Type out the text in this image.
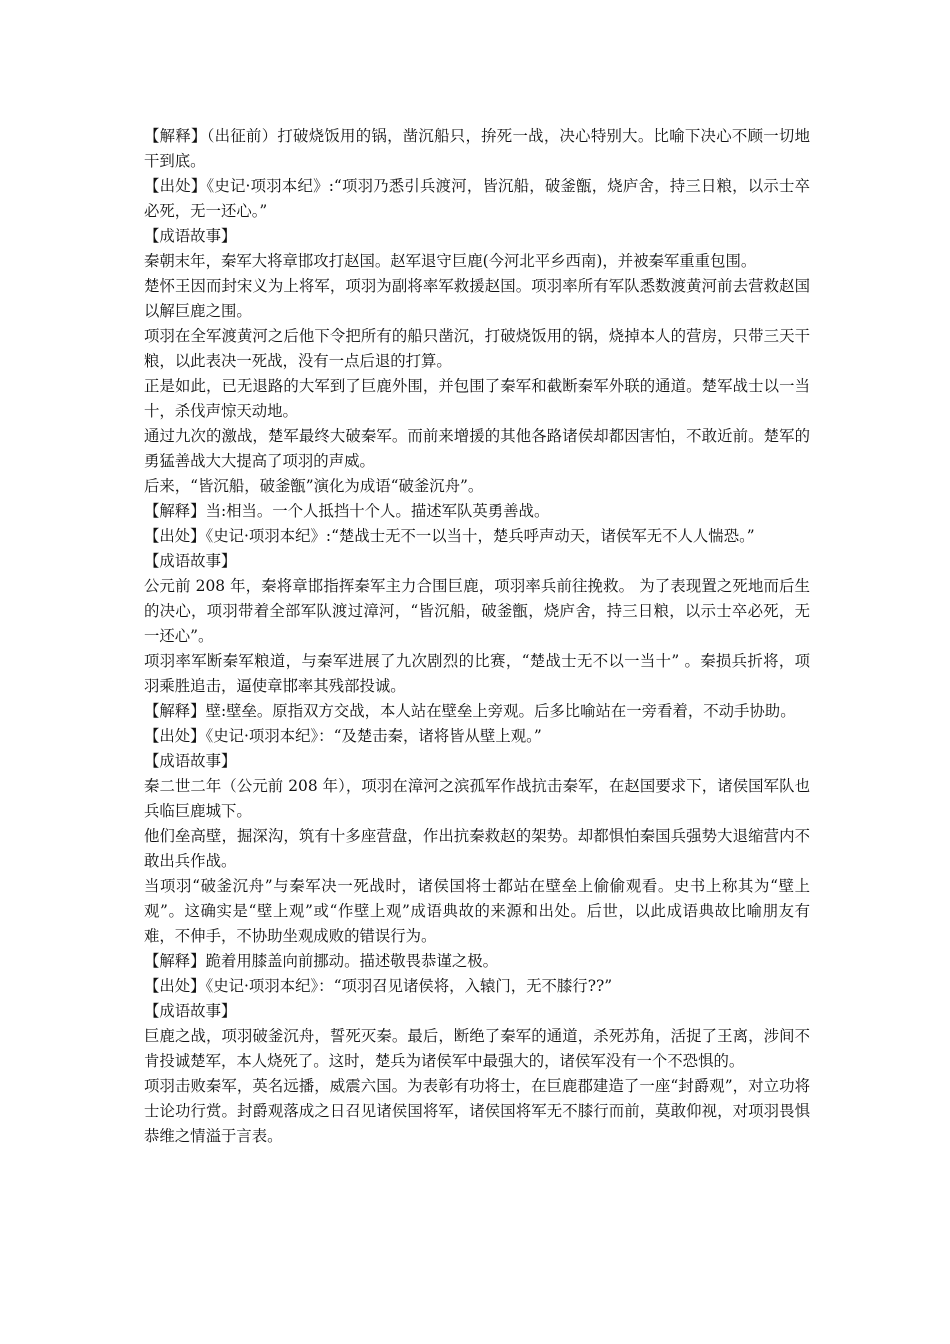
【解释】（出征前）打破烧饭用的锅，凿沉船只，拚死一战，决心特别大。比喻下决心不顾一切地干到底。

【出处】《史记·项羽本纪》:“项羽乃悉引兵渡河，皆沉船，破釜甑，烧庐舍，持三日粮，以示士卒必死，无一还心。”

【成语故事】

秦朝末年，秦军大将章邯攻打赵国。赵军退守巨鹿(今河北平乡西南)，并被秦军重重包围。

楚怀王因而封宋义为上将军，项羽为副将率军救援赵国。项羽率所有军队悉数渡黄河前去营救赵国以解巨鹿之围。

项羽在全军渡黄河之后他下令把所有的船只凿沉，打破烧饭用的锅，烧掉本人的营房，只带三天干粮，以此表决一死战，没有一点后退的打算。

正是如此，已无退路的大军到了巨鹿外围，并包围了秦军和截断秦军外联的通道。楚军战士以一当十，杀伐声惊天动地。

通过九次的激战，楚军最终大破秦军。而前来增援的其他各路诸侯却都因害怕，不敢近前。楚军的勇猛善战大大提高了项羽的声威。

后来，“皆沉船，破釜甑”演化为成语“破釜沉舟”。

【解释】当:相当。一个人抵挡十个人。描述军队英勇善战。

【出处】《史记·项羽本纪》:“楚战士无不一以当十，楚兵呼声动天，诸侯军无不人人惴恐。”

【成语故事】

公元前 208 年，秦将章邯指挥秦军主力合围巨鹿，项羽率兵前往挽救。 为了表现置之死地而后生的决心，项羽带着全部军队渡过漳河，“皆沉船，破釜甑，烧庐舍，持三日粮，以示士卒必死，无一还心”。

项羽率军断秦军粮道，与秦军进展了九次剧烈的比赛，“楚战士无不以一当十” 。秦损兵折将，项羽乘胜追击，逼使章邯率其残部投诚。

【解释】壁:壁垒。原指双方交战，本人站在壁垒上旁观。后多比喻站在一旁看着，不动手协助。

【出处】《史记·项羽本纪》：“及楚击秦，诸将皆从壁上观。”

【成语故事】

秦二世二年（公元前 208 年），项羽在漳河之滨孤军作战抗击秦军，在赵国要求下，诸侯国军队也兵临巨鹿城下。

他们垒高壁，掘深沟，筑有十多座营盘，作出抗秦救赵的架势。却都惧怕秦国兵强势大退缩营内不敢出兵作战。

当项羽“破釜沉舟”与秦军决一死战时，诸侯国将士都站在壁垒上偷偷观看。史书上称其为“壁上观”。这确实是“壁上观”或“作壁上观”成语典故的来源和出处。后世，以此成语典故比喻朋友有难，不伸手，不协助坐观成败的错误行为。

【解释】跪着用膝盖向前挪动。描述敬畏恭谨之极。

【出处】《史记·项羽本纪》：“项羽召见诸侯将，入辕门，无不膝行??”

【成语故事】

巨鹿之战，项羽破釜沉舟，誓死灭秦。最后，断绝了秦军的通道，杀死苏角，活捉了王离，涉间不肯投诚楚军，本人烧死了。这时，楚兵为诸侯军中最强大的，诸侯军没有一个不恐惧的。

项羽击败秦军，英名远播，威震六国。为表彰有功将士，在巨鹿郡建造了一座“封爵观”，对立功将士论功行赏。封爵观落成之日召见诸侯国将军，诸侯国将军无不膝行而前，莫敢仰视，对项羽畏惧恭维之情溢于言表。
